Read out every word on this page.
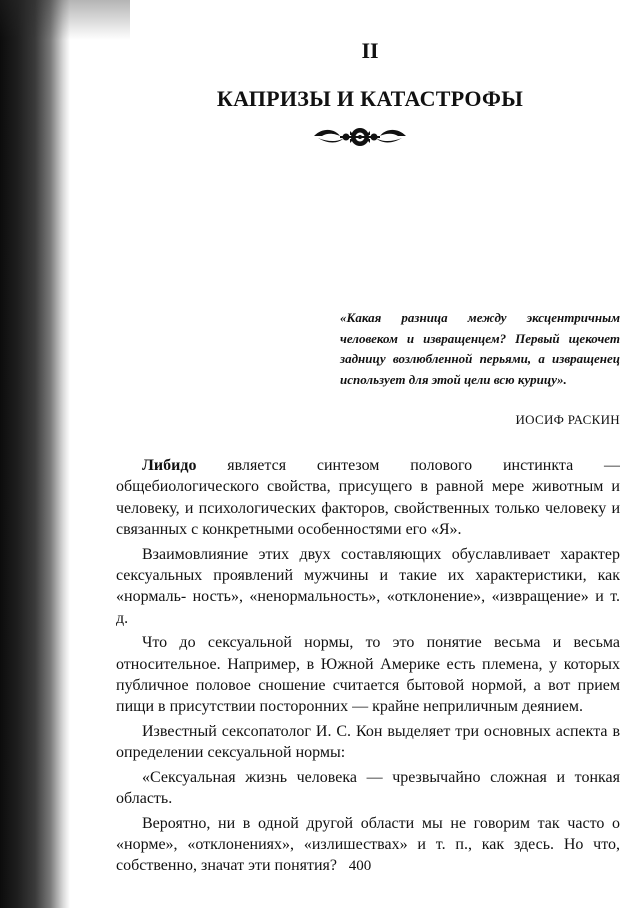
II
КАПРИЗЫ И КАТАСТРОФЫ
«Какая разница между эксцентричным человеком и извращенцем? Первый щекочет задницу возлюбленной перьями, а извращенец использует для этой цели всю курицу».
ИОСИФ РАСКИН

Либидо является синтезом полового инстинкта — общебиологического свойства, присущего в равной мере животным и человеку, и психологических факторов, свойственных только человеку и связанных с конкретными особенностями его «Я».

Взаимовлияние этих двух составляющих обуславливает характер сексуальных проявлений мужчины и такие их характеристики, как «нормаль- ность», «ненормальность», «отклонение», «извращение» и т. д.

Что до сексуальной нормы, то это понятие весьма и весьма относительное. Например, в Южной Америке есть племена, у которых публичное половое сношение считается бытовой нормой, а вот прием пищи в присутствии посторонних — крайне неприличным деянием.

Известный сексопатолог И. С. Кон выделяет три основных аспекта в определении сексуальной нормы:

«Сексуальная жизнь человека — чрезвычайно сложная и тонкая область.

Вероятно, ни в одной другой области мы не говорим так часто о «норме», «отклонениях», «излишествах» и т. п., как здесь. Но что, собственно, значат эти понятия? 400
